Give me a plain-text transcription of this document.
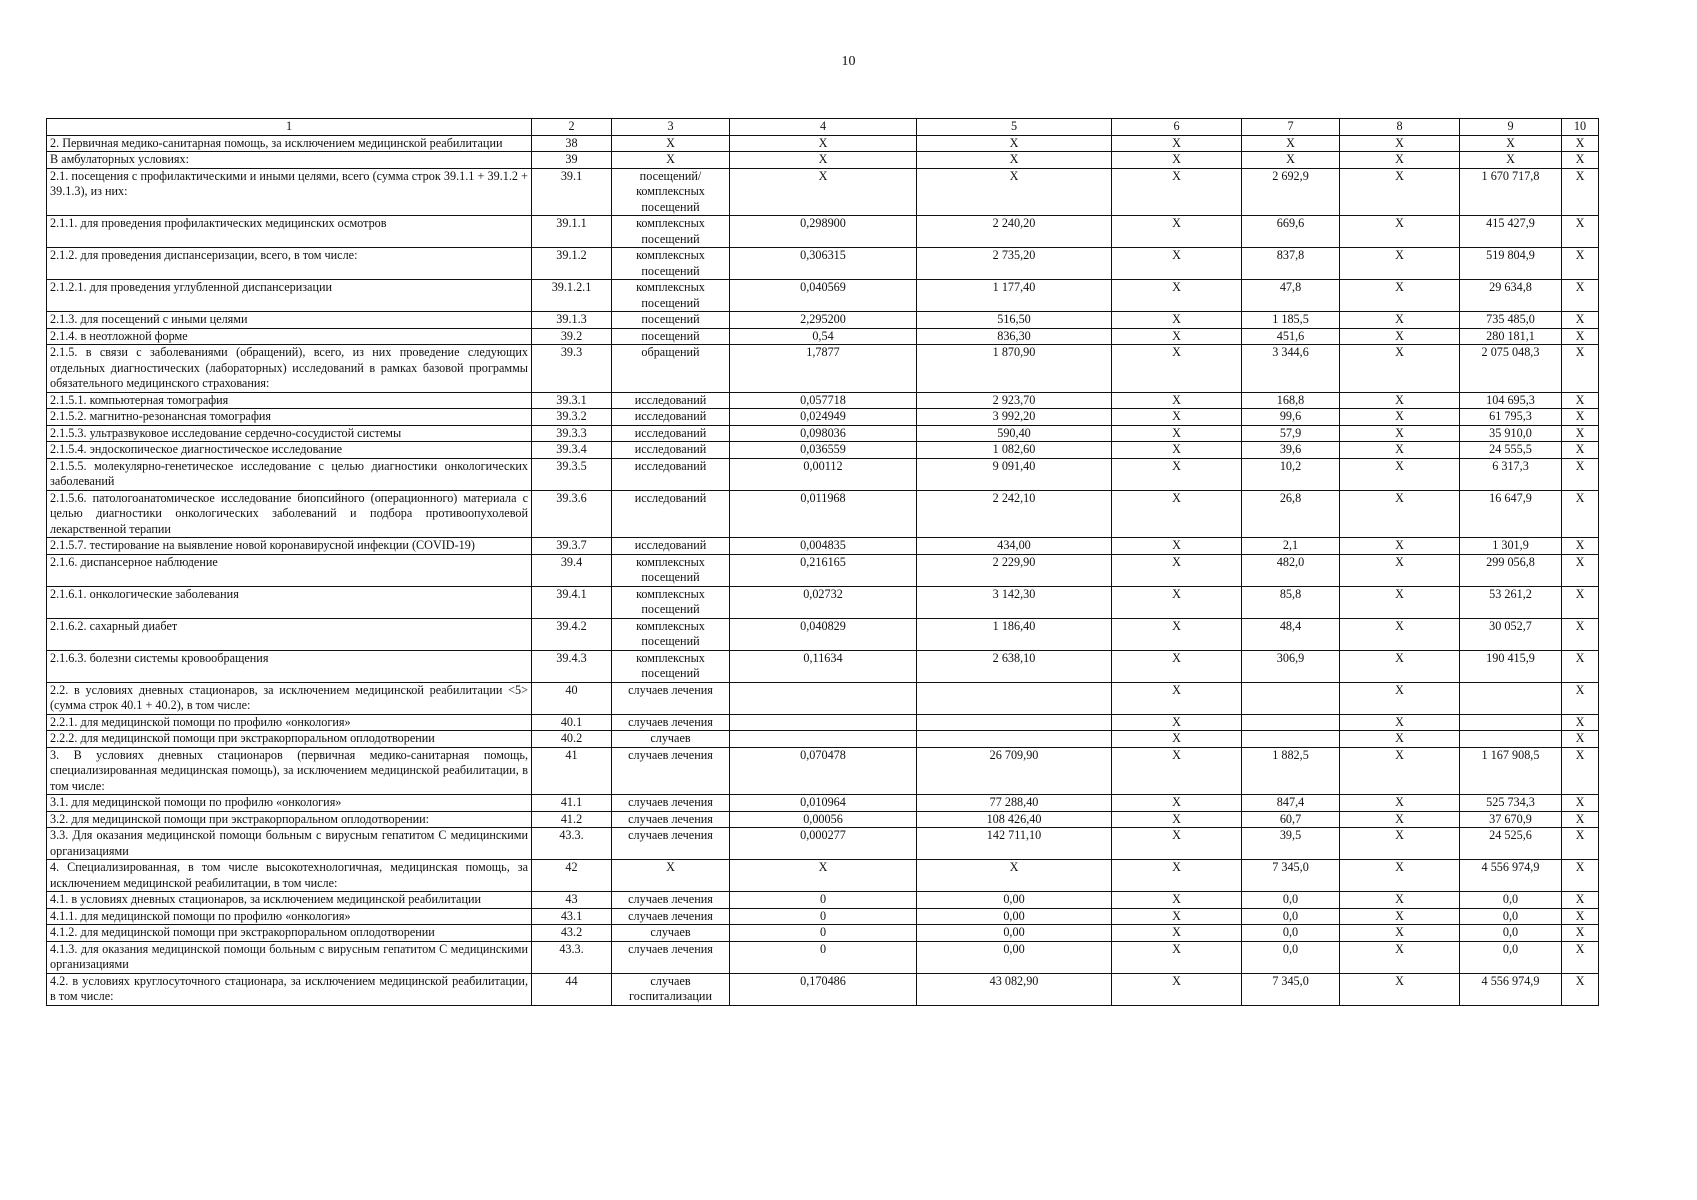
10
1	2	3	4	5	6	7	8	9	10
2. Первичная медико-санитарная помощь, за исключением медицинской реабилитации	38	X	X	X	X	X	X	X	X
В амбулаторных условиях:	39	X	X	X	X	X	X	X	X
2.1. посещения с профилактическими и иными целями, всего (сумма строк 39.1.1 + 39.1.2 + 39.1.3), из них:	39.1	посещений/ комплексных посещений	X	X	X	2 692,9	X	1 670 717,8	X
2.1.1. для проведения профилактических медицинских осмотров	39.1.1	комплексных посещений	0,298900	2 240,20	X	669,6	X	415 427,9	X
2.1.2. для проведения диспансеризации, всего, в том числе:	39.1.2	комплексных посещений	0,306315	2 735,20	X	837,8	X	519 804,9	X
2.1.2.1. для проведения углубленной диспансеризации	39.1.2.1	комплексных посещений	0,040569	1 177,40	X	47,8	X	29 634,8	X
2.1.3. для посещений с иными целями	39.1.3	посещений	2,295200	516,50	X	1 185,5	X	735 485,0	X
2.1.4. в неотложной форме	39.2	посещений	0,54	836,30	X	451,6	X	280 181,1	X
2.1.5. в связи с заболеваниями (обращений), всего, из них проведение следующих отдельных диагностических (лабораторных) исследований в рамках базовой программы обязательного медицинского страхования:	39.3	обращений	1,7877	1 870,90	X	3 344,6	X	2 075 048,3	X
2.1.5.1. компьютерная томография	39.3.1	исследований	0,057718	2 923,70	X	168,8	X	104 695,3	X
2.1.5.2. магнитно-резонансная томография	39.3.2	исследований	0,024949	3 992,20	X	99,6	X	61 795,3	X
2.1.5.3. ультразвуковое исследование сердечно-сосудистой системы	39.3.3	исследований	0,098036	590,40	X	57,9	X	35 910,0	X
2.1.5.4. эндоскопическое диагностическое исследование	39.3.4	исследований	0,036559	1 082,60	X	39,6	X	24 555,5	X
2.1.5.5. молекулярно-генетическое исследование с целью диагностики онкологических заболеваний	39.3.5	исследований	0,00112	9 091,40	X	10,2	X	6 317,3	X
2.1.5.6. патологоанатомическое исследование биопсийного (операционного) материала с целью диагностики онкологических заболеваний и подбора противоопухолевой лекарственной терапии	39.3.6	исследований	0,011968	2 242,10	X	26,8	X	16 647,9	X
2.1.5.7. тестирование на выявление новой коронавирусной инфекции (COVID-19)	39.3.7	исследований	0,004835	434,00	X	2,1	X	1 301,9	X
2.1.6. диспансерное наблюдение	39.4	комплексных посещений	0,216165	2 229,90	X	482,0	X	299 056,8	X
2.1.6.1. онкологические заболевания	39.4.1	комплексных посещений	0,02732	3 142,30	X	85,8	X	53 261,2	X
2.1.6.2. сахарный диабет	39.4.2	комплексных посещений	0,040829	1 186,40	X	48,4	X	30 052,7	X
2.1.6.3. болезни системы кровообращения	39.4.3	комплексных посещений	0,11634	2 638,10	X	306,9	X	190 415,9	X
2.2. в условиях дневных стационаров, за исключением медицинской реабилитации <5> (сумма строк 40.1 + 40.2), в том числе:	40	случаев лечения			X		X		X
2.2.1. для медицинской помощи по профилю «онкология»	40.1	случаев лечения			X		X		X
2.2.2. для медицинской помощи при экстракорпоральном оплодотворении	40.2	случаев			X		X		X
3. В условиях дневных стационаров (первичная медико-санитарная помощь, специализированная медицинская помощь), за исключением медицинской реабилитации, в том числе:	41	случаев лечения	0,070478	26 709,90	X	1 882,5	X	1 167 908,5	X
3.1. для медицинской помощи по профилю «онкология»	41.1	случаев лечения	0,010964	77 288,40	X	847,4	X	525 734,3	X
3.2. для медицинской помощи при экстракорпоральном оплодотворении:	41.2	случаев лечения	0,00056	108 426,40	X	60,7	X	37 670,9	X
3.3. Для оказания медицинской помощи больным с вирусным гепатитом С медицинскими организациями	43.3.	случаев лечения	0,000277	142 711,10	X	39,5	X	24 525,6	X
4. Специализированная, в том числе высокотехнологичная, медицинская помощь, за исключением медицинской реабилитации, в том числе:	42	X	X	X	X	7 345,0	X	4 556 974,9	X
4.1. в условиях дневных стационаров, за исключением медицинской реабилитации	43	случаев лечения	0	0,00	X	0,0	X	0,0	X
4.1.1. для медицинской помощи по профилю «онкология»	43.1	случаев лечения	0	0,00	X	0,0	X	0,0	X
4.1.2. для медицинской помощи при экстракорпоральном оплодотворении	43.2	случаев	0	0,00	X	0,0	X	0,0	X
4.1.3. для оказания медицинской помощи больным с вирусным гепатитом С медицинскими организациями	43.3.	случаев лечения	0	0,00	X	0,0	X	0,0	X
4.2. в условиях круглосуточного стационара, за исключением медицинской реабилитации, в том числе:	44	случаев госпитализации	0,170486	43 082,90	X	7 345,0	X	4 556 974,9	X
